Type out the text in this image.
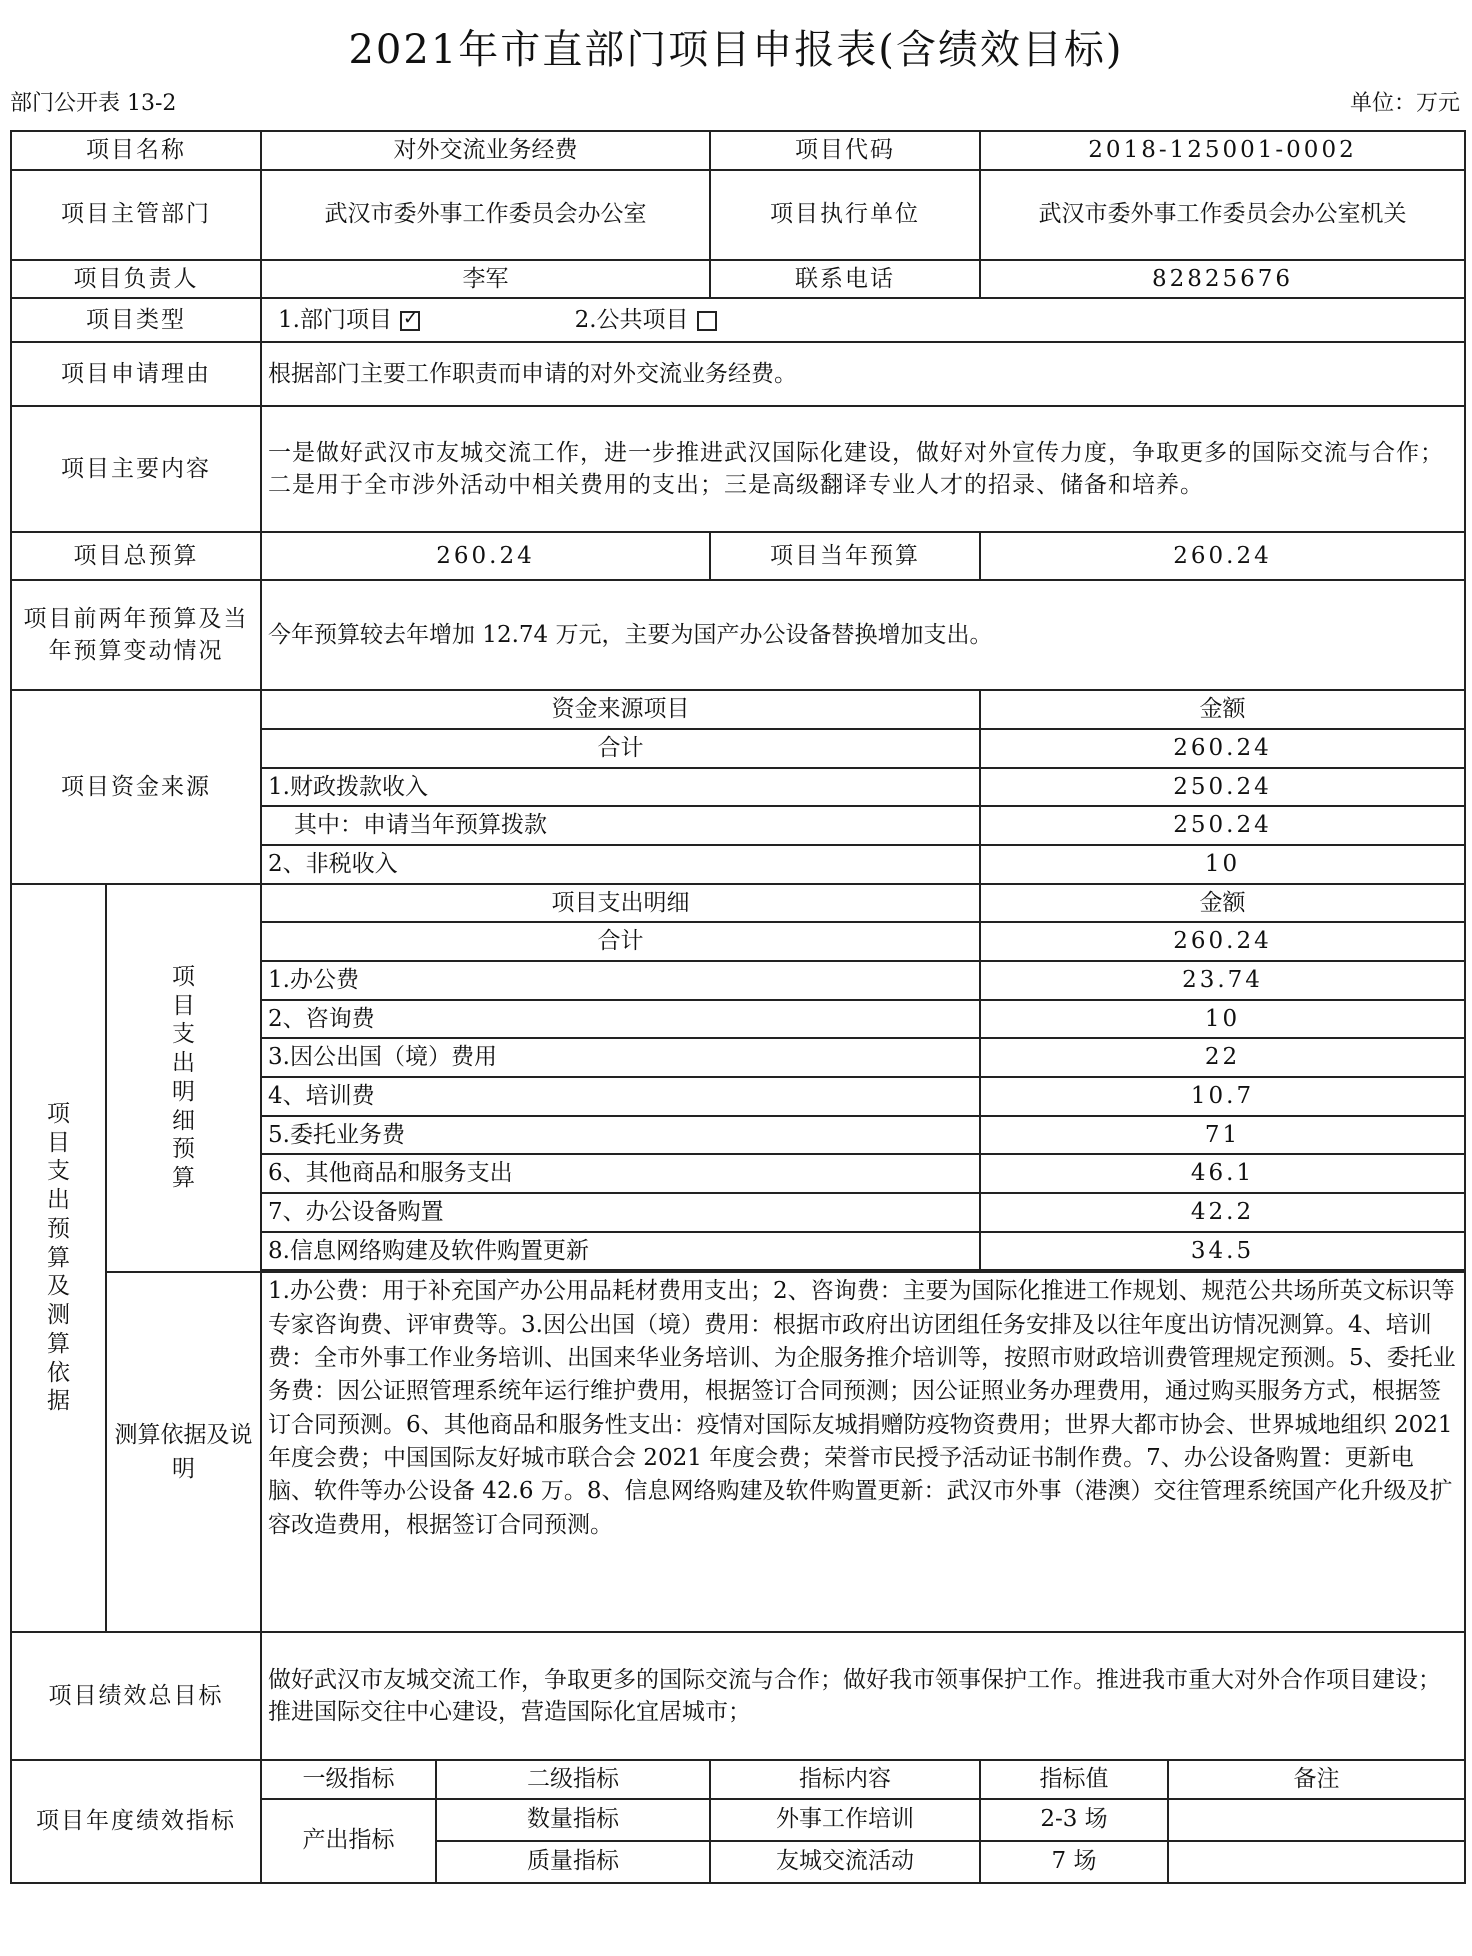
2021年市直部门项目申报表(含绩效目标)
部门公开表 13-2	单位：万元
项目名称		对外交流业务经费		项目代码	2018-125001-0002	
项目主管部门		武汉市委外事工作委员会办公室		项目执行单位	武汉市委外事工作委员会办公室机关	
项目负责人		李军		联系电话	82825676	
项目类型		1.部门项目 ✓ 2.公共项目
项目申请理由		根据部门主要工作职责而申请的对外交流业务经费。				
项目主要内容		一是做好武汉市友城交流工作，进一步推进武汉国际化建设，做好对外宣传力度，争取更多的国际交流与合作；二是用于全市涉外活动中相关费用的支出；三是高级翻译专业人才的招录、储备和培养。				
项目总预算		260.24		项目当年预算	260.24	
项目前两年预算及当年预算变动情况		今年预算较去年增加 12.74 万元，主要为国产办公设备替换增加支出。				
项目资金来源		资金来源项目			金额	
		合计			260.24	
		1.财政拨款收入			250.24	
		其中：申请当年预算拨款			250.24	
		2、非税收入			10	

项目支出预算及测算依据	项目支出明细预算	项目支出明细			金额	
		合计			260.24	
		1.办公费			23.74	
		2、咨询费			10	
		3.因公出国（境）费用			22	
		4、培训费			10.7	
		5.委托业务费			71	
		6、其他商品和服务支出			46.1	
		7、办公设备购置			42.2	
		8.信息网络购建及软件购置更新			34.5	

	测算依据及说明	1.办公费：用于补充国产办公用品耗材费用支出；2、咨询费：主要为国际化推进工作规划、规范公共场所英文标识等专家咨询费、评审费等。3.因公出国（境）费用：根据市政府出访团组任务安排及以往年度出访情况测算。4、培训费：全市外事工作业务培训、出国来华业务培训、为企服务推介培训等，按照市财政培训费管理规定预测。5、委托业务费：因公证照管理系统年运行维护费用，根据签订合同预测；因公证照业务办理费用，通过购买服务方式，根据签订合同预测。6、其他商品和服务性支出：疫情对国际友城捐赠防疫物资费用；世界大都市协会、世界城地组织 2021 年度会费；中国国际友好城市联合会 2021 年度会费；荣誉市民授予活动证书制作费。7、办公设备购置：更新电脑、软件等办公设备 42.6 万。8、信息网络购建及软件购置更新：武汉市外事（港澳）交往管理系统国产化升级及扩容改造费用，根据签订合同预测。				
项目绩效总目标		做好武汉市友城交流工作，争取更多的国际交流与合作；做好我市领事保护工作。推进我市重大对外合作项目建设；推进国际交往中心建设，营造国际化宜居城市；				
项目年度绩效指标		一级指标	二级指标	指标内容	指标值	备注
		产出指标	数量指标	外事工作培训	2-3 场	
			质量指标	友城交流活动	7 场	
